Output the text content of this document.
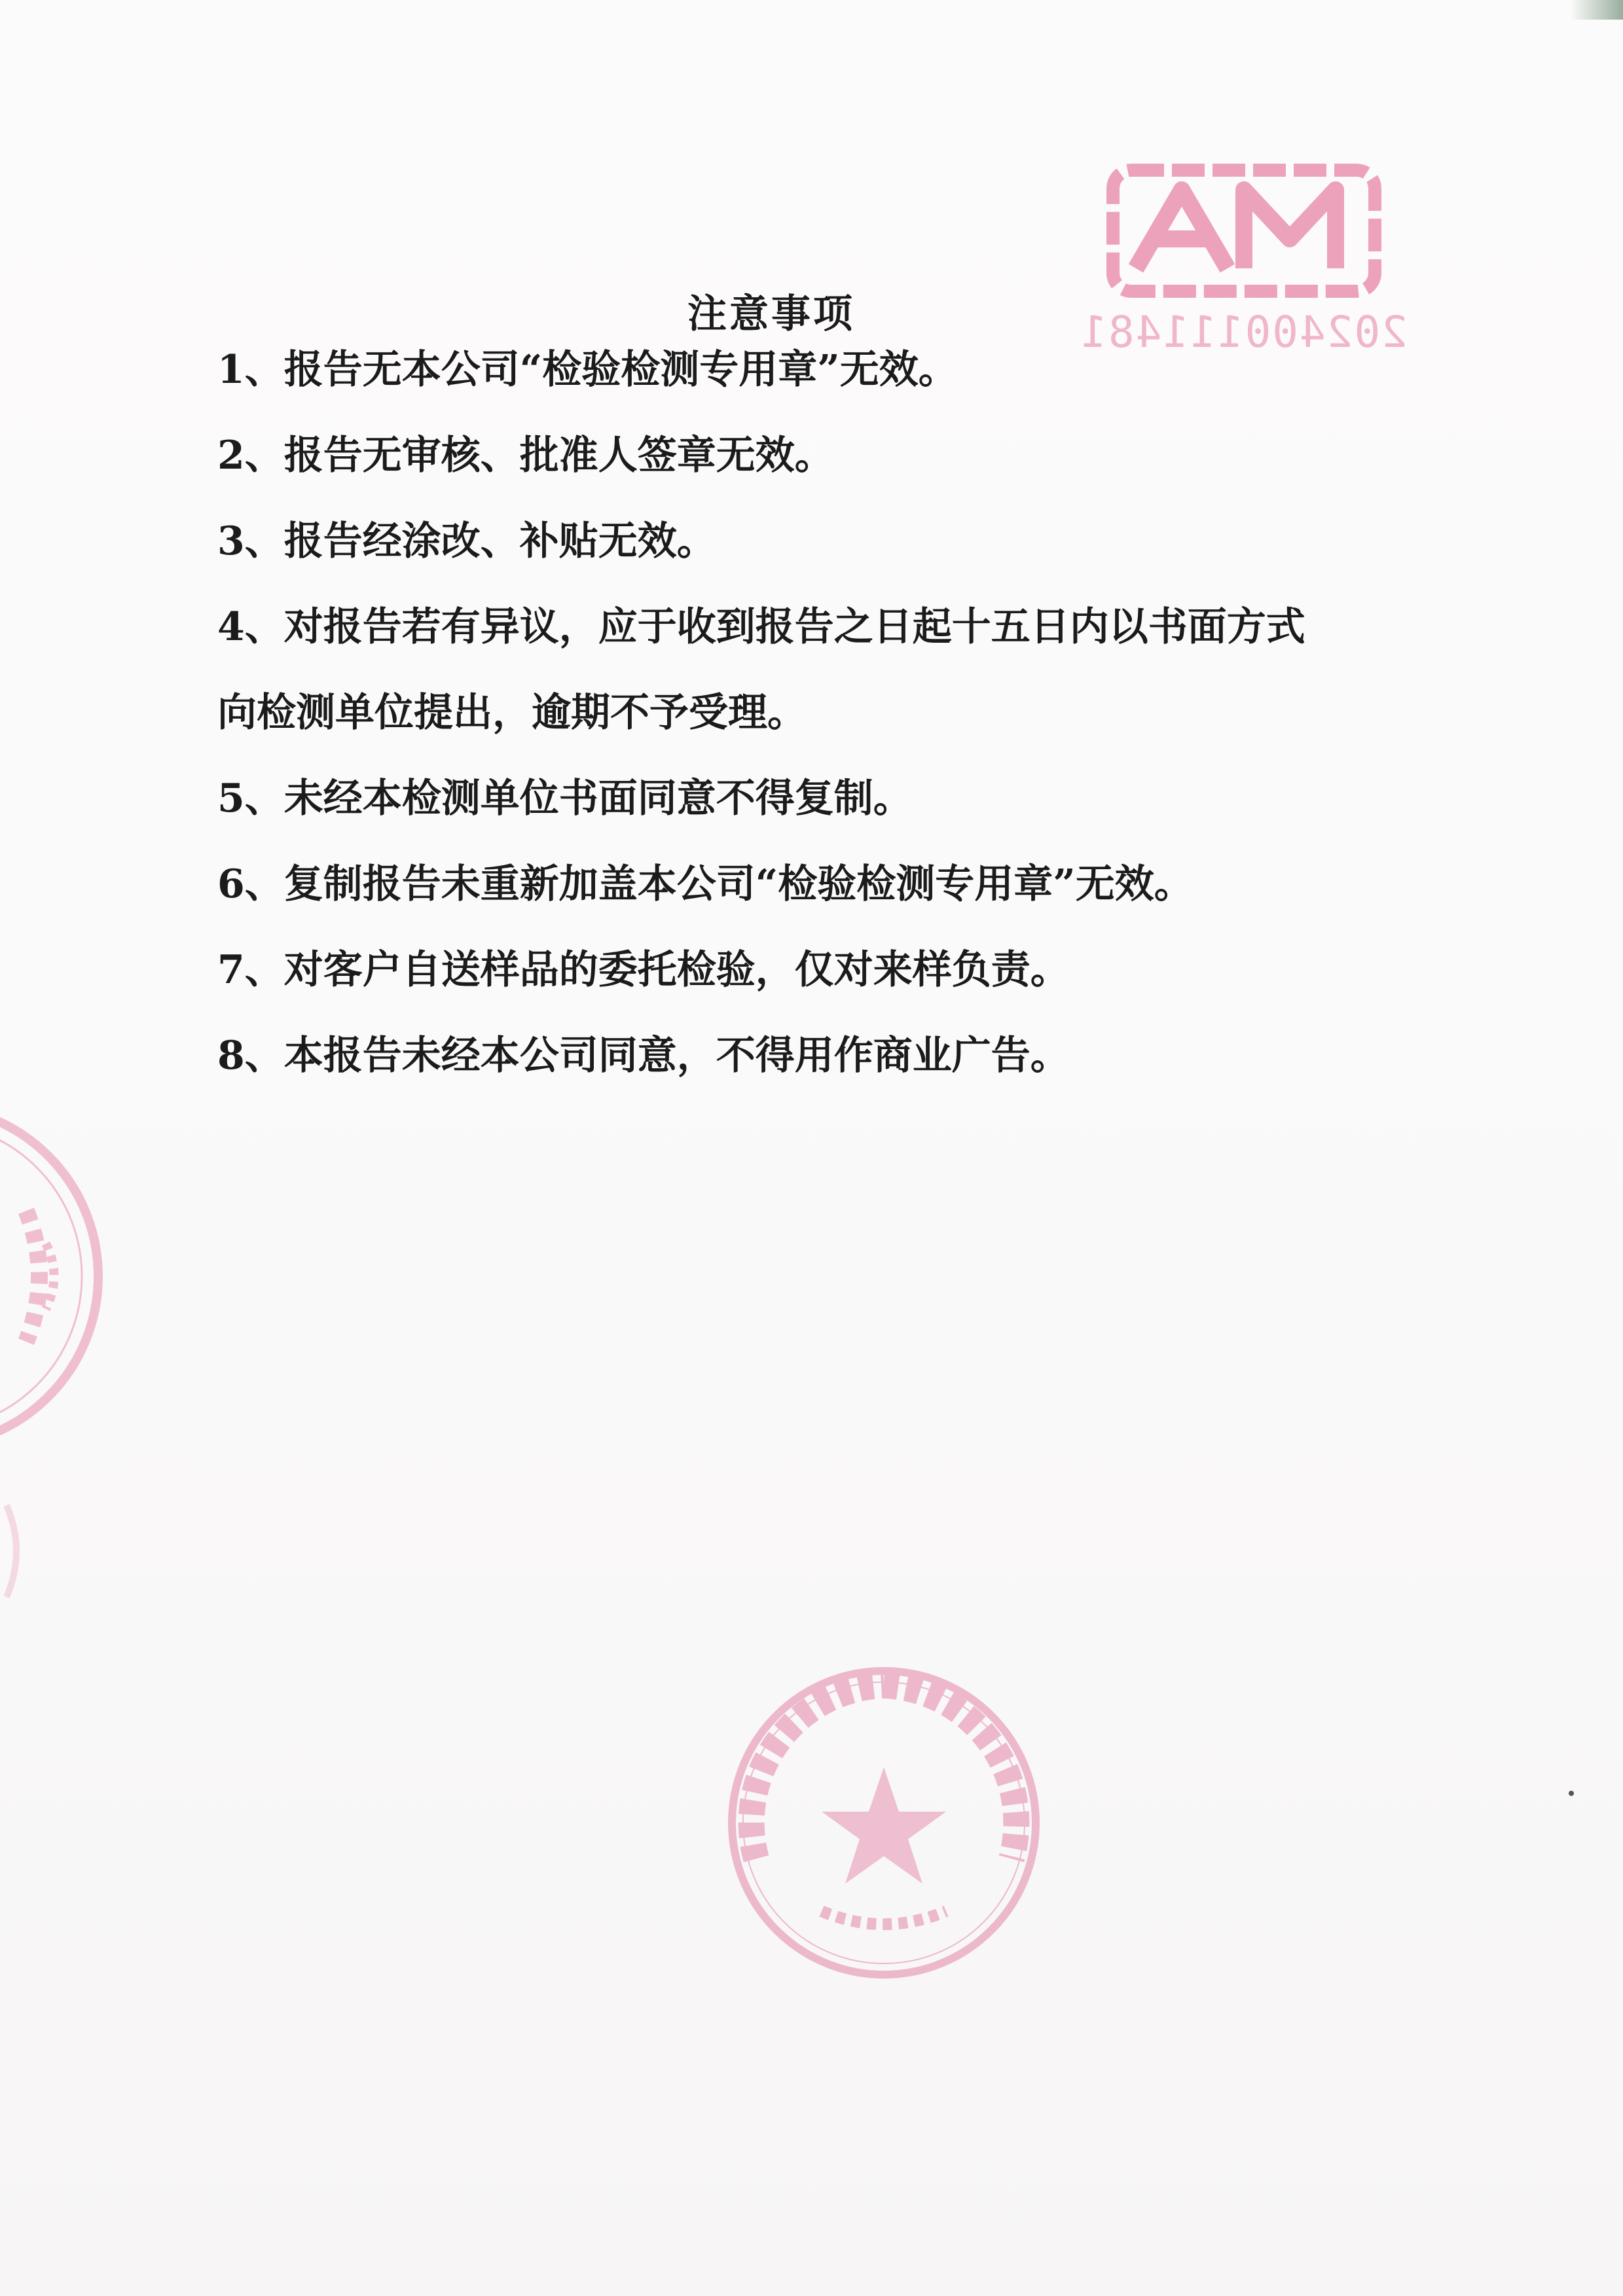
202400111481
注意事项
1、报告无本公司“检验检测专用章”无效。
2、报告无审核、批准人签章无效。
3、报告经涂改、补贴无效。
4、对报告若有异议，应于收到报告之日起十五日内以书面方式
向检测单位提出，逾期不予受理。
5、未经本检测单位书面同意不得复制。
6、复制报告未重新加盖本公司“检验检测专用章”无效。
7、对客户自送样品的委托检验，仅对来样负责。
8、本报告未经本公司同意，不得用作商业广告。
